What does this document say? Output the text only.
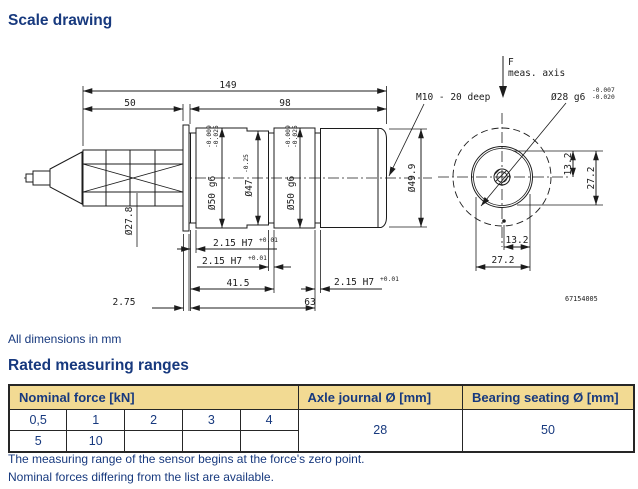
149
50	98
M10 - 20 deep
Ø27.8
Ø50 g6
-0.009 -0.025
Ø47
-0.25
Ø50 g6
-0.009 -0.025
Ø49.9
2.15 H7 +0.01
2.15 H7 +0.01
2.15 H7 +0.01
41.5
63
2.75
F
meas. axis
Ø28 g6
-0.007
-0.020
13.2
27.2
13.2
27.2
67154005
Scale drawing
All dimensions in mm
Rated measuring ranges
Nominal force [kN]					Axle journal Ø [mm]	Bearing seating Ø [mm]
0,5	1	2	3	4	28	50
5	10					
The measuring range of the sensor begins at the force's zero point.
Nominal forces differing from the list are available.
